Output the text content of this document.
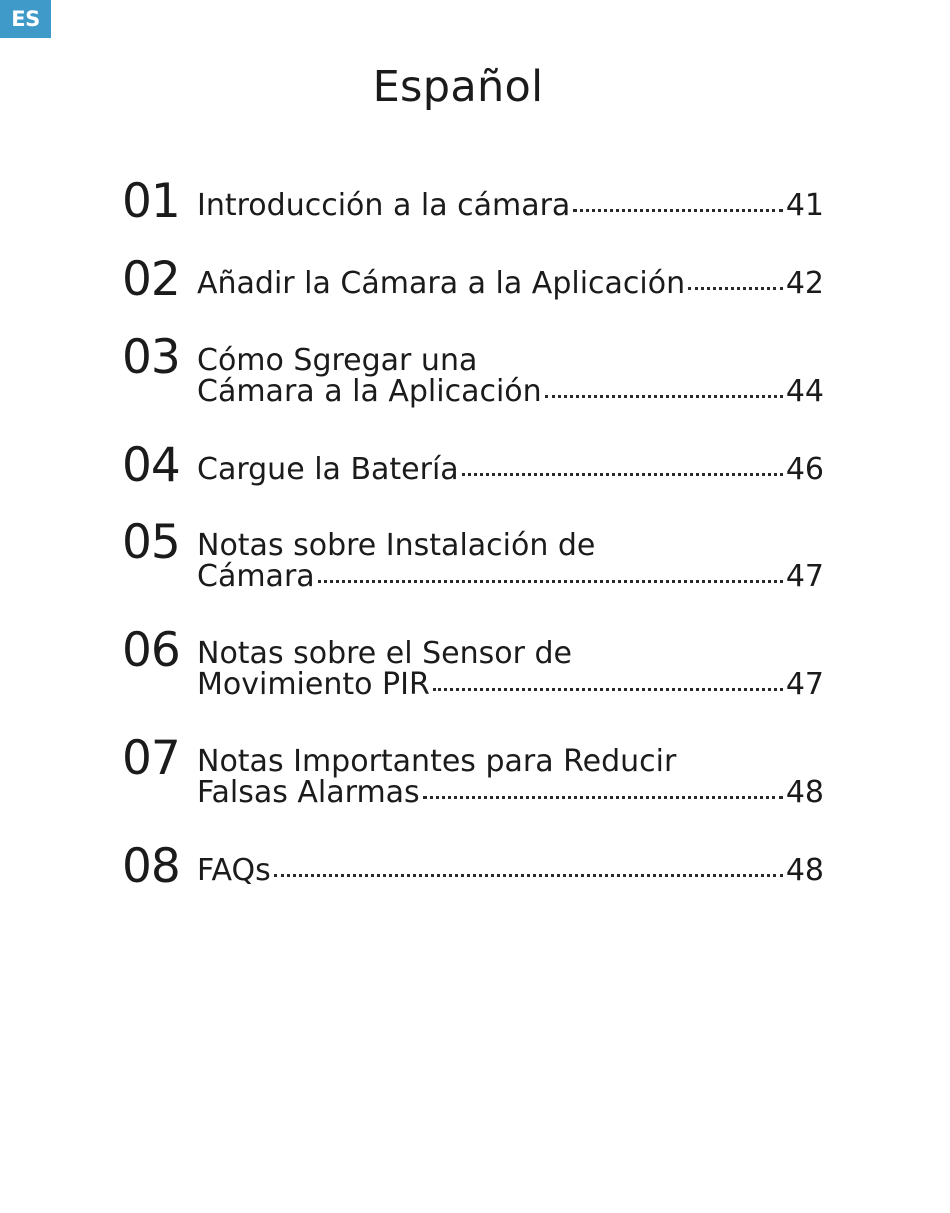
ES
Español
01 Introducción a la cámara	41
02 Añadir la Cámara a la Aplicación	42
03 Cómo Sgregar una
Cámara a la Aplicación	44
04 Cargue la Batería	46
05 Notas sobre Instalación de
Cámara	47
06 Notas sobre el Sensor de
Movimiento PIR	47
07 Notas Importantes para Reducir
Falsas Alarmas	48
08 FAQs	48
